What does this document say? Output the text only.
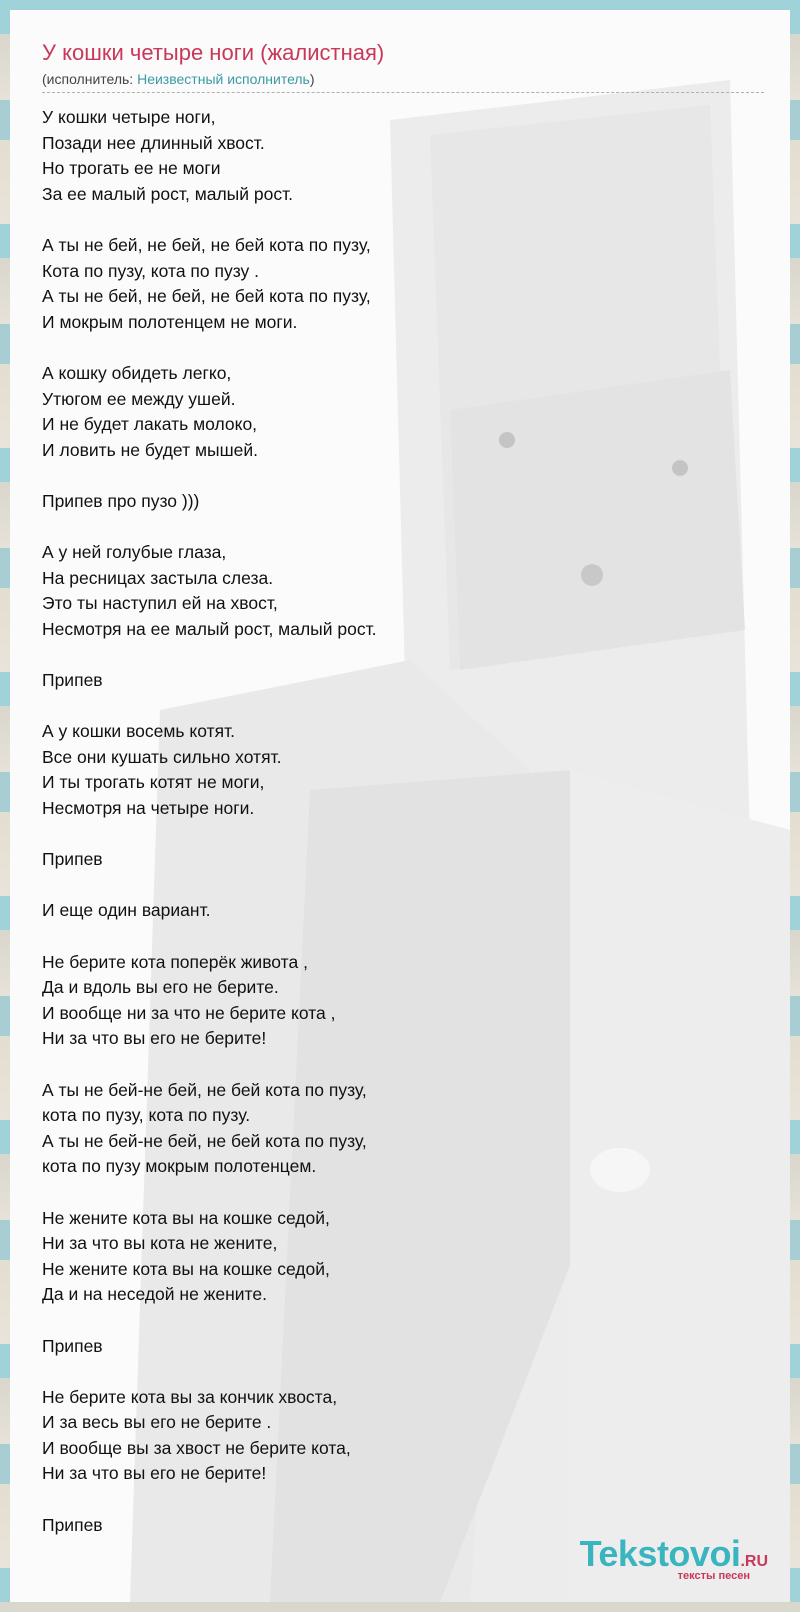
У кошки четыре ноги (жалистная)
(исполнитель: Неизвестный исполнитель)
У кошки четыре ноги,
Позади нее длинный хвост.
Но трогать ее не моги
За ее малый рост, малый рост.
А ты не бей, не бей, не бей кота по пузу,
Кота по пузу, кота по пузу .
А ты не бей, не бей, не бей кота по пузу,
И мокрым полотенцем не моги.
А кошку обидеть легко,
Утюгом ее между ушей.
И не будет лакать молоко,
И ловить не будет мышей.
Припев про пузо )))
А у ней голубые глаза,
На ресницах застыла слеза.
Это ты наступил ей на хвост,
Несмотря на ее малый рост, малый рост.
Припев
А у кошки восемь котят.
Все они кушать сильно хотят.
И ты трогать котят не моги,
Несмотря на четыре ноги.
Припев
И еще один вариант.
Не берите кота поперёк живота ,
Да и вдоль вы его не берите.
И вообще ни за что не берите кота ,
Ни за что вы его не берите!
А ты не бей-не бей, не бей кота по пузу,
кота по пузу, кота по пузу.
А ты не бей-не бей, не бей кота по пузу,
кота по пузу мокрым полотенцем.
Не жените кота вы на кошке седой,
Ни за что вы кота не жените,
Не жените кота вы на кошке седой,
Да и на неседой не жените.
Припев
Не берите кота вы за кончик хвоста,
И за весь вы его не берите .
И вообще вы за хвост не берите кота,
Ни за что вы его не берите!
Припев
Tekstovoi.RU
тексты песен
